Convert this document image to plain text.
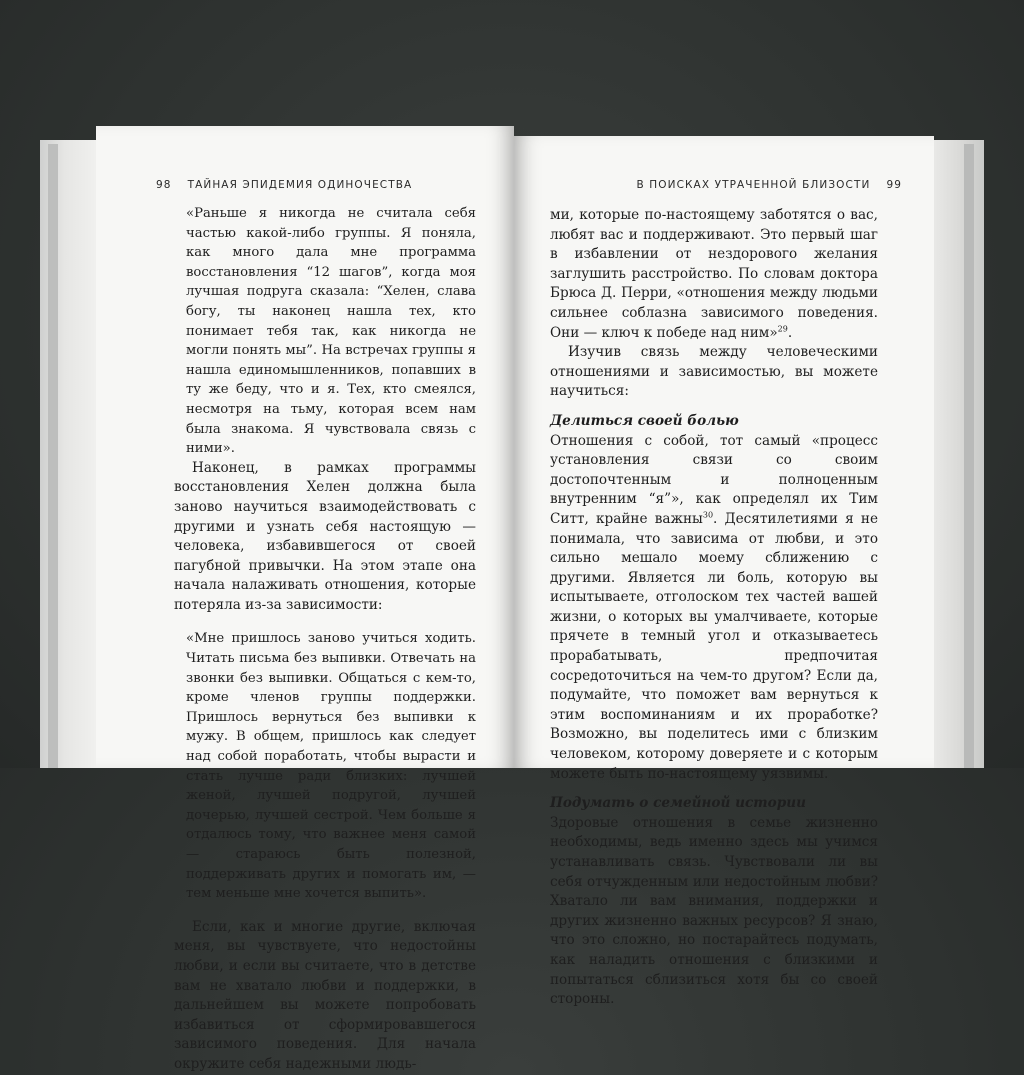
98 ТАЙНАЯ ЭПИДЕМИЯ ОДИНОЧЕСТВА

«Раньше я никогда не считала себя частью какой-либо группы. Я поняла, как много дала мне программа восстановления “12 шагов”, когда моя лучшая подруга сказала: “Хелен, слава богу, ты наконец нашла тех, кто понимает тебя так, как никогда не могли понять мы”. На встречах группы я нашла единомышленников, попавших в ту же беду, что и я. Тех, кто смеялся, несмотря на тьму, которая всем нам была знакома. Я чувствовала связь с ними».

Наконец, в рамках программы восстановления Хелен должна была заново научиться взаимодействовать с другими и узнать себя настоящую — человека, избавившегося от своей пагубной привычки. На этом этапе она начала налаживать отношения, которые потеряла из-за зависимости:

«Мне пришлось заново учиться ходить. Читать письма без выпивки. Отвечать на звонки без выпивки. Общаться с кем-то, кроме членов группы поддержки. Пришлось вернуться без выпивки к мужу. В общем, пришлось как следует над собой поработать, чтобы вырасти и стать лучше ради близких: лучшей женой, лучшей подругой, лучшей дочерью, лучшей сестрой. Чем больше я отдалюсь тому, что важнее меня самой — стараюсь быть полезной, поддерживать других и помогать им, — тем меньше мне хочется выпить».

Если, как и многие другие, включая меня, вы чувствуете, что недостойны любви, и если вы считаете, что в детстве вам не хватало любви и поддержки, в дальнейшем вы можете попробовать избавиться от сформировавшегося зависимого поведения. Для начала окружите себя надежными людь-

В ПОИСКАХ УТРАЧЕННОЙ БЛИЗОСТИ 99

ми, которые по-настоящему заботятся о вас, любят вас и поддерживают. Это первый шаг в избавлении от нездорового желания заглушить расстройство. По словам доктора Брюса Д. Перри, «отношения между людьми сильнее соблазна зависимого поведения. Они — ключ к победе над ним»$^{29}$.

Изучив связь между человеческими отношениями и зависимостью, вы можете научиться:

Делиться своей болью

Отношения с собой, тот самый «процесс установления связи со своим достопочтенным и полноценным внутренним “я”», как определял их Тим Ситт, крайне важны$^{30}$. Десятилетиями я не понимала, что зависима от любви, и это сильно мешало моему сближению с другими. Является ли боль, которую вы испытываете, отголоском тех частей вашей жизни, о которых вы умалчиваете, которые прячете в темный угол и отказываетесь прорабатывать, предпочитая сосредоточиться на чем-то другом? Если да, подумайте, что поможет вам вернуться к этим воспоминаниям и их проработке? Возможно, вы поделитесь ими с близким человеком, которому доверяете и с которым можете быть по-настоящему уязвимы.

Подумать о семейной истории

Здоровые отношения в семье жизненно необходимы, ведь именно здесь мы учимся устанавливать связь. Чувствовали ли вы себя отчужденным или недостойным любви? Хватало ли вам внимания, поддержки и других жизненно важных ресурсов? Я знаю, что это сложно, но постарайтесь подумать, как наладить отношения с близкими и попытаться сблизиться хотя бы со своей стороны.
